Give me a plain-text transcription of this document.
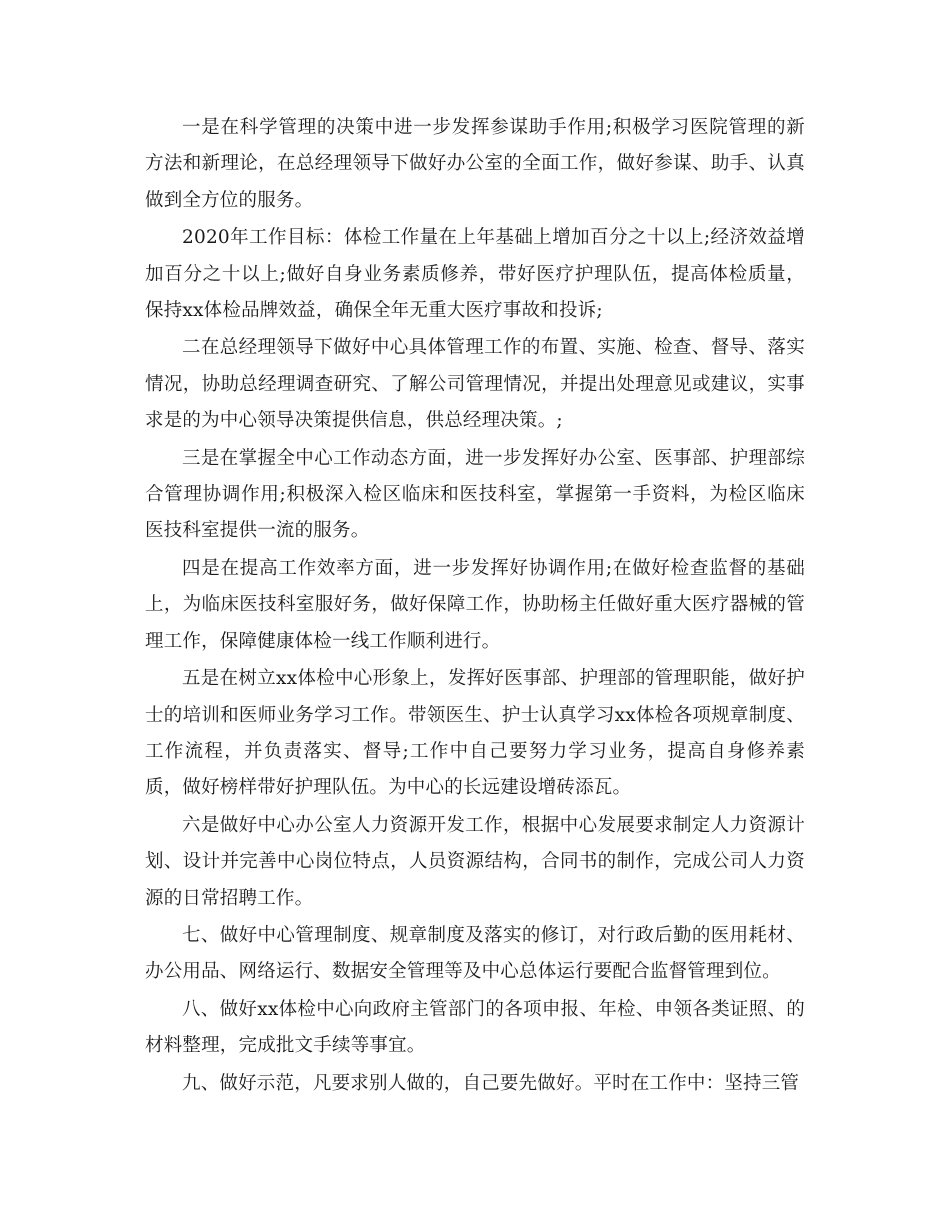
一是在科学管理的决策中进一步发挥参谋助手作用;积极学习医院管理的新方法和新理论，在总经理领导下做好办公室的全面工作，做好参谋、助手、认真做到全方位的服务。

2020年工作目标：体检工作量在上年基础上增加百分之十以上;经济效益增加百分之十以上;做好自身业务素质修养，带好医疗护理队伍，提高体检质量，保持xx体检品牌效益，确保全年无重大医疗事故和投诉;

二在总经理领导下做好中心具体管理工作的布置、实施、检查、督导、落实情况，协助总经理调查研究、了解公司管理情况，并提出处理意见或建议，实事求是的为中心领导决策提供信息，供总经理决策。;

三是在掌握全中心工作动态方面，进一步发挥好办公室、医事部、护理部综合管理协调作用;积极深入检区临床和医技科室，掌握第一手资料，为检区临床医技科室提供一流的服务。

四是在提高工作效率方面，进一步发挥好协调作用;在做好检查监督的基础上，为临床医技科室服好务，做好保障工作，协助杨主任做好重大医疗器械的管理工作，保障健康体检一线工作顺利进行。

五是在树立xx体检中心形象上，发挥好医事部、护理部的管理职能，做好护士的培训和医师业务学习工作。带领医生、护士认真学习xx体检各项规章制度、工作流程，并负责落实、督导;工作中自己要努力学习业务，提高自身修养素质，做好榜样带好护理队伍。为中心的长远建设增砖添瓦。

六是做好中心办公室人力资源开发工作，根据中心发展要求制定人力资源计划、设计并完善中心岗位特点，人员资源结构，合同书的制作，完成公司人力资源的日常招聘工作。

七、做好中心管理制度、规章制度及落实的修订，对行政后勤的医用耗材、办公用品、网络运行、数据安全管理等及中心总体运行要配合监督管理到位。

八、做好xx体检中心向政府主管部门的各项申报、年检、申领各类证照、的材料整理，完成批文手续等事宜。

九、做好示范，凡要求别人做的，自己要先做好。平时在工作中：坚持三管
